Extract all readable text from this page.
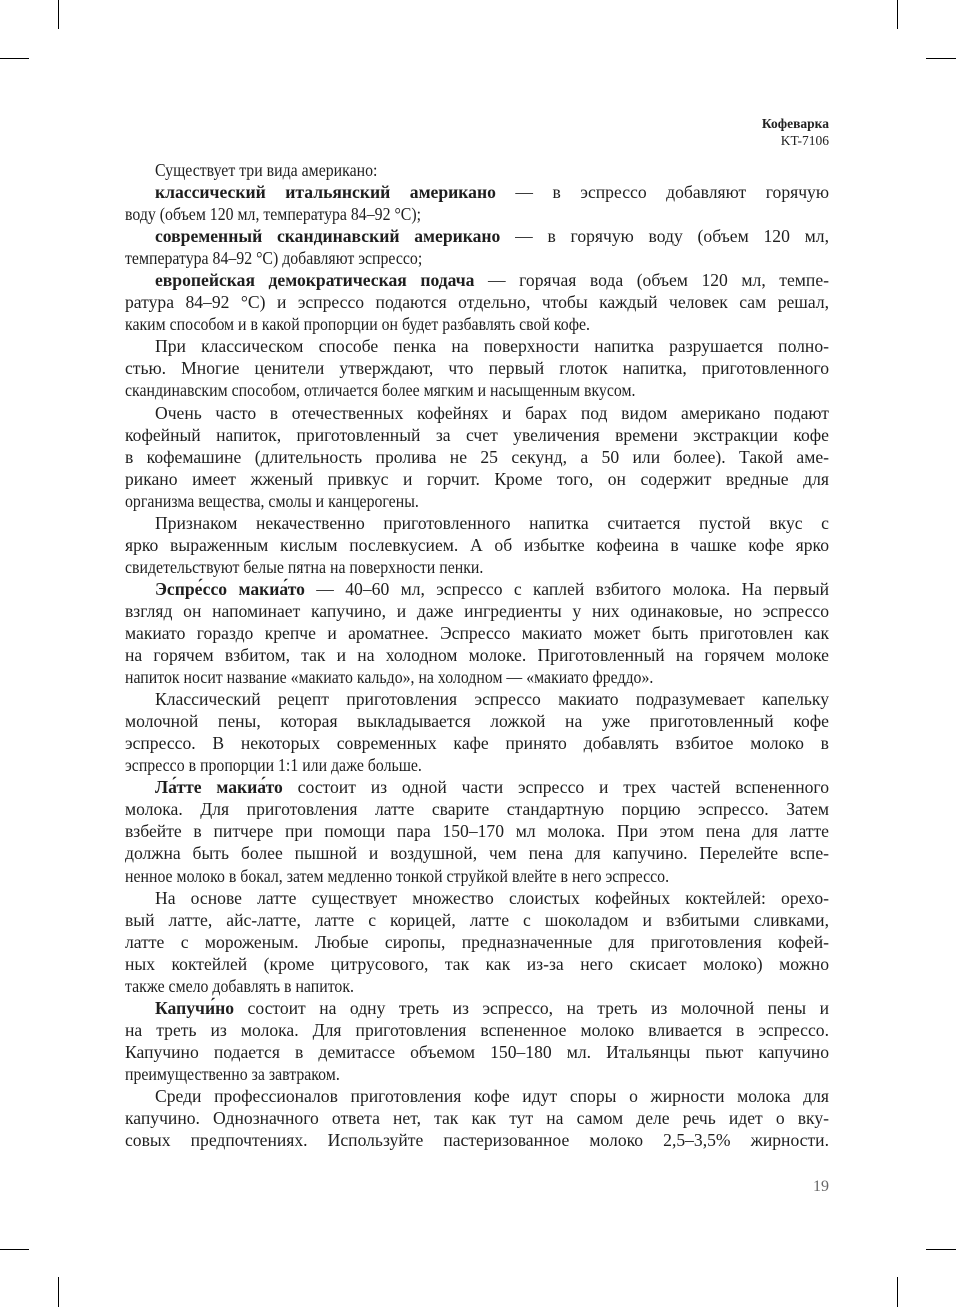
Кофеварка
KT-7106
Существует три вида американо:
классический итальянский американо — в эспрессо добавляют горячую
воду (объем 120 мл, температура 84–92 °С);
современный скандинавский американо — в горячую воду (объем 120 мл,
температура 84–92 °С) добавляют эспрессо;
европейская демократическая подача — горячая вода (объем 120 мл, темпе-
ратура 84–92 °С) и эспрессо подаются отдельно, чтобы каждый человек сам решал,
каким способом и в какой пропорции он будет разбавлять свой кофе.
При классическом способе пенка на поверхности напитка разрушается полно-
стью. Многие ценители утверждают, что первый глоток напитка, приготовленного
скандинавским способом, отличается более мягким и насыщенным вкусом.
Очень часто в отечественных кофейнях и барах под видом американо подают
кофейный напиток, приготовленный за счет увеличения времени экстракции кофе
в кофемашине (длительность пролива не 25 секунд, а 50 или более). Такой аме-
рикано имеет жженый привкус и горчит. Кроме того, он содержит вредные для
организма вещества, смолы и канцерогены.
Признаком некачественно приготовленного напитка считается пустой вкус с
ярко выраженным кислым послевкусием. А об избытке кофеина в чашке кофе ярко
свидетельствуют белые пятна на поверхности пенки.
Эспре́ссо макиа́то — 40–60 мл, эспрессо с каплей взбитого молока. На первый
взгляд он напоминает капучино, и даже ингредиенты у них одинаковые, но эспрессо
макиато гораздо крепче и ароматнее. Эспрессо макиато может быть приготовлен как
на горячем взбитом, так и на холодном молоке. Приготовленный на горячем молоке
напиток носит название «макиато кальдо», на холодном — «макиато фреддо».
Классический рецепт приготовления эспрессо макиато подразумевает капельку
молочной пены, которая выкладывается ложкой на уже приготовленный кофе
эспрессо. В некоторых современных кафе принято добавлять взбитое молоко в
эспрессо в пропорции 1:1 или даже больше.
Ла́тте макиа́то состоит из одной части эспрессо и трех частей вспененного
молока. Для приготовления латте сварите стандартную порцию эспрессо. Затем
взбейте в питчере при помощи пара 150–170 мл молока. При этом пена для латте
должна быть более пышной и воздушной, чем пена для капучино. Перелейте вспе-
ненное молоко в бокал, затем медленно тонкой струйкой влейте в него эспрессо.
На основе латте существует множество слоистых кофейных коктейлей: орехо-
вый латте, айс-латте, латте с корицей, латте с шоколадом и взбитыми сливками,
латте с мороженым. Любые сиропы, предназначенные для приготовления кофей-
ных коктейлей (кроме цитрусового, так как из-за него скисает молоко) можно
также смело добавлять в напиток.
Капучи́но состоит на одну треть из эспрессо, на треть из молочной пены и
на треть из молока. Для приготовления вспененное молоко вливается в эспрессо.
Капучино подается в демитассе объемом 150–180 мл. Итальянцы пьют капучино
преимущественно за завтраком.
Среди профессионалов приготовления кофе идут споры о жирности молока для
капучино. Однозначного ответа нет, так как тут на самом деле речь идет о вку-
совых предпочтениях. Используйте пастеризованное молоко 2,5–3,5% жирности.
19
